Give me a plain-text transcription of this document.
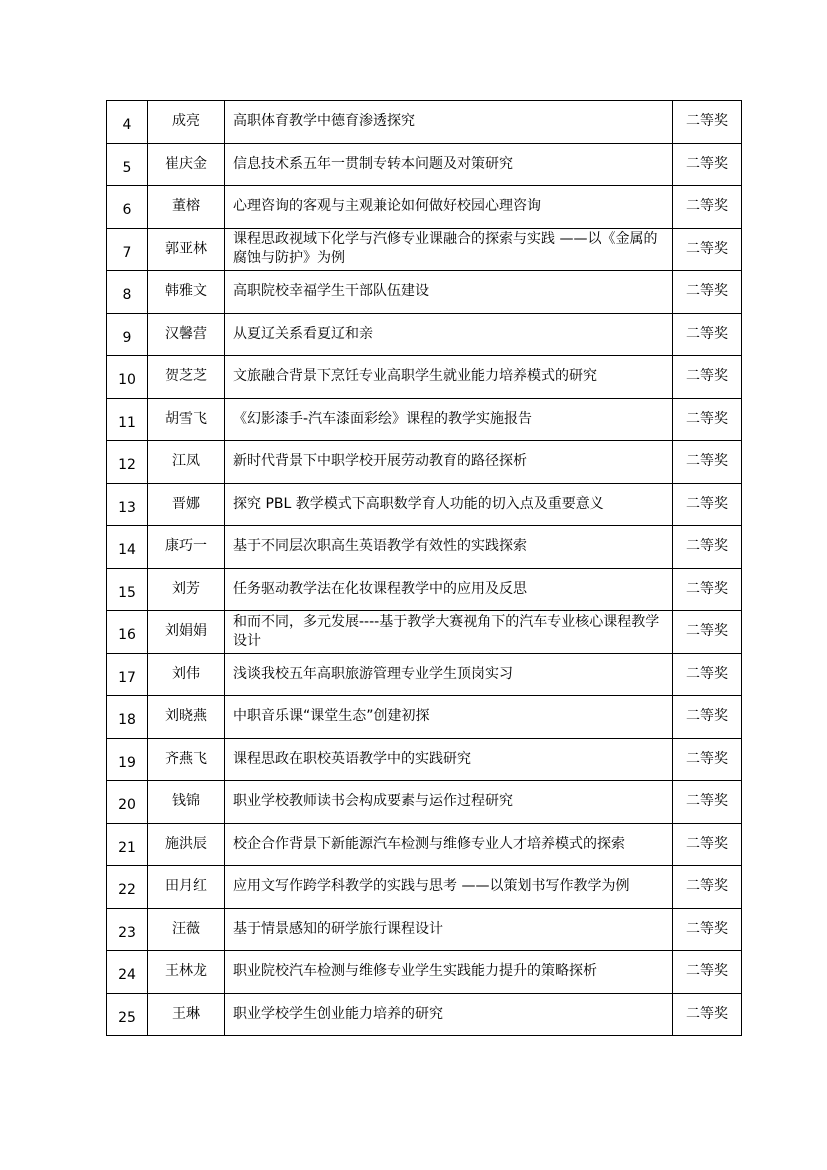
4	成亮	高职体育教学中德育渗透探究	二等奖
5	崔庆金	信息技术系五年一贯制专转本问题及对策研究	二等奖
6	董榕	心理咨询的客观与主观兼论如何做好校园心理咨询	二等奖
7	郭亚林	课程思政视域下化学与汽修专业课融合的探索与实践 ——以《金属的腐蚀与防护》为例	二等奖
8	韩雅文	高职院校幸福学生干部队伍建设	二等奖
9	汉馨营	从夏辽关系看夏辽和亲	二等奖
10	贺芝芝	文旅融合背景下烹饪专业高职学生就业能力培养模式的研究	二等奖
11	胡雪飞	《幻影漆手-汽车漆面彩绘》课程的教学实施报告	二等奖
12	江凤	新时代背景下中职学校开展劳动教育的路径探析	二等奖
13	晋娜	探究 PBL 教学模式下高职数学育人功能的切入点及重要意义	二等奖
14	康巧一	基于不同层次职高生英语教学有效性的实践探索	二等奖
15	刘芳	任务驱动教学法在化妆课程教学中的应用及反思	二等奖
16	刘娟娟	和而不同，多元发展----基于教学大赛视角下的汽车专业核心课程教学设计	二等奖
17	刘伟	浅谈我校五年高职旅游管理专业学生顶岗实习	二等奖
18	刘晓燕	中职音乐课“课堂生态”创建初探	二等奖
19	齐燕飞	课程思政在职校英语教学中的实践研究	二等奖
20	钱锦	职业学校教师读书会构成要素与运作过程研究	二等奖
21	施洪辰	校企合作背景下新能源汽车检测与维修专业人才培养模式的探索	二等奖
22	田月红	应用文写作跨学科教学的实践与思考 ——以策划书写作教学为例	二等奖
23	汪薇	基于情景感知的研学旅行课程设计	二等奖
24	王林龙	职业院校汽车检测与维修专业学生实践能力提升的策略探析	二等奖
25	王琳	职业学校学生创业能力培养的研究	二等奖
